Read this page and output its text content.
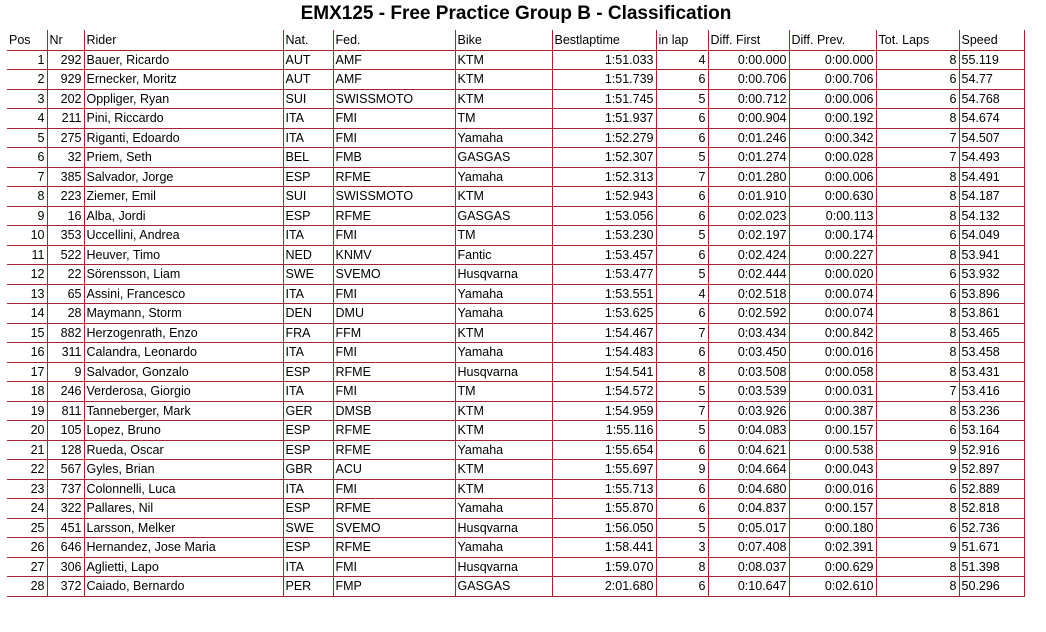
EMX125 - Free Practice Group B - Classification
Pos	Nr	Rider	Nat.	Fed.	Bike	Bestlaptime	in lap	Diff. First	Diff. Prev.	Tot. Laps	Speed
1	292	Bauer, Ricardo	AUT	AMF	KTM	1:51.033	4	0:00.000	0:00.000	8	55.119
2	929	Ernecker, Moritz	AUT	AMF	KTM	1:51.739	6	0:00.706	0:00.706	6	54.77
3	202	Oppliger, Ryan	SUI	SWISSMOTO	KTM	1:51.745	5	0:00.712	0:00.006	6	54.768
4	211	Pini, Riccardo	ITA	FMI	TM	1:51.937	6	0:00.904	0:00.192	8	54.674
5	275	Riganti, Edoardo	ITA	FMI	Yamaha	1:52.279	6	0:01.246	0:00.342	7	54.507
6	32	Priem, Seth	BEL	FMB	GASGAS	1:52.307	5	0:01.274	0:00.028	7	54.493
7	385	Salvador, Jorge	ESP	RFME	Yamaha	1:52.313	7	0:01.280	0:00.006	8	54.491
8	223	Ziemer, Emil	SUI	SWISSMOTO	KTM	1:52.943	6	0:01.910	0:00.630	8	54.187
9	16	Alba, Jordi	ESP	RFME	GASGAS	1:53.056	6	0:02.023	0:00.113	8	54.132
10	353	Uccellini, Andrea	ITA	FMI	TM	1:53.230	5	0:02.197	0:00.174	6	54.049
11	522	Heuver, Timo	NED	KNMV	Fantic	1:53.457	6	0:02.424	0:00.227	8	53.941
12	22	Sörensson, Liam	SWE	SVEMO	Husqvarna	1:53.477	5	0:02.444	0:00.020	6	53.932
13	65	Assini, Francesco	ITA	FMI	Yamaha	1:53.551	4	0:02.518	0:00.074	6	53.896
14	28	Maymann, Storm	DEN	DMU	Yamaha	1:53.625	6	0:02.592	0:00.074	8	53.861
15	882	Herzogenrath, Enzo	FRA	FFM	KTM	1:54.467	7	0:03.434	0:00.842	8	53.465
16	311	Calandra, Leonardo	ITA	FMI	Yamaha	1:54.483	6	0:03.450	0:00.016	8	53.458
17	9	Salvador, Gonzalo	ESP	RFME	Husqvarna	1:54.541	8	0:03.508	0:00.058	8	53.431
18	246	Verderosa, Giorgio	ITA	FMI	TM	1:54.572	5	0:03.539	0:00.031	7	53.416
19	811	Tanneberger, Mark	GER	DMSB	KTM	1:54.959	7	0:03.926	0:00.387	8	53.236
20	105	Lopez, Bruno	ESP	RFME	KTM	1:55.116	5	0:04.083	0:00.157	6	53.164
21	128	Rueda, Oscar	ESP	RFME	Yamaha	1:55.654	6	0:04.621	0:00.538	9	52.916
22	567	Gyles, Brian	GBR	ACU	KTM	1:55.697	9	0:04.664	0:00.043	9	52.897
23	737	Colonnelli, Luca	ITA	FMI	KTM	1:55.713	6	0:04.680	0:00.016	6	52.889
24	322	Pallares, Nil	ESP	RFME	Yamaha	1:55.870	6	0:04.837	0:00.157	8	52.818
25	451	Larsson, Melker	SWE	SVEMO	Husqvarna	1:56.050	5	0:05.017	0:00.180	6	52.736
26	646	Hernandez, Jose Maria	ESP	RFME	Yamaha	1:58.441	3	0:07.408	0:02.391	9	51.671
27	306	Aglietti, Lapo	ITA	FMI	Husqvarna	1:59.070	8	0:08.037	0:00.629	8	51.398
28	372	Caiado, Bernardo	PER	FMP	GASGAS	2:01.680	6	0:10.647	0:02.610	8	50.296
